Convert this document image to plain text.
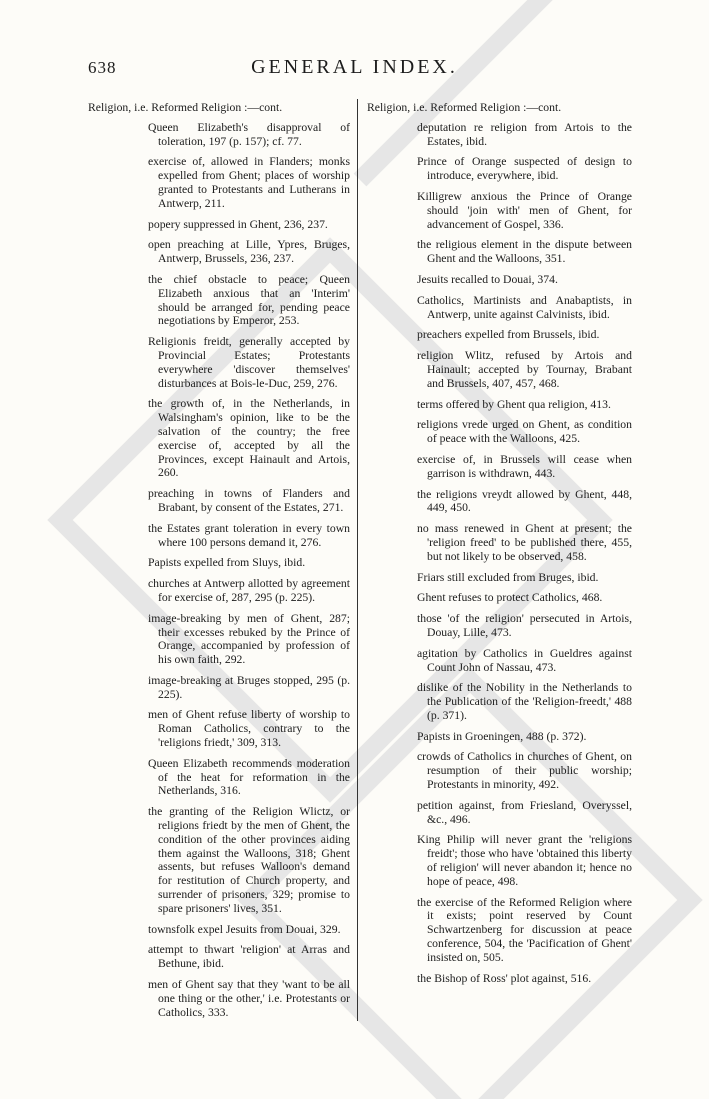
638	GENERAL INDEX.
Religion, i.e. Reformed Religion :—cont.
Queen Elizabeth's disapproval of toleration, 197 (p. 157); cf. 77.
exercise of, allowed in Flanders; monks expelled from Ghent; places of worship granted to Protestants and Lutherans in Antwerp, 211.
popery suppressed in Ghent, 236, 237.
open preaching at Lille, Ypres, Bruges, Antwerp, Brussels, 236, 237.
the chief obstacle to peace; Queen Elizabeth anxious that an 'Interim' should be arranged for, pending peace negotiations by Emperor, 253.
Religionis freidt, generally accepted by Provincial Estates; Protestants everywhere 'discover themselves' disturbances at Bois-le-Duc, 259, 276.
the growth of, in the Netherlands, in Walsingham's opinion, like to be the salvation of the country; the free exercise of, accepted by all the Provinces, except Hainault and Artois, 260.
preaching in towns of Flanders and Brabant, by consent of the Estates, 271.
the Estates grant toleration in every town where 100 persons demand it, 276.
Papists expelled from Sluys, ibid.
churches at Antwerp allotted by agreement for exercise of, 287, 295 (p. 225).
image-breaking by men of Ghent, 287; their excesses rebuked by the Prince of Orange, accompanied by profession of his own faith, 292.
image-breaking at Bruges stopped, 295 (p. 225).
men of Ghent refuse liberty of worship to Roman Catholics, contrary to the 'religions friedt,' 309, 313.
Queen Elizabeth recommends moderation of the heat for reformation in the Netherlands, 316.
the granting of the Religion Wlictz, or religions friedt by the men of Ghent, the condition of the other provinces aiding them against the Walloons, 318; Ghent assents, but refuses Walloon's demand for restitution of Church property, and surrender of prisoners, 329; promise to spare prisoners' lives, 351.
townsfolk expel Jesuits from Douai, 329.
attempt to thwart 'religion' at Arras and Bethune, ibid.
men of Ghent say that they 'want to be all one thing or the other,' i.e. Protestants or Catholics, 333.
Religion, i.e. Reformed Religion :—cont.
deputation re religion from Artois to the Estates, ibid.
Prince of Orange suspected of design to introduce, everywhere, ibid.
Killigrew anxious the Prince of Orange should 'join with' men of Ghent, for advancement of Gospel, 336.
the religious element in the dispute between Ghent and the Walloons, 351.
Jesuits recalled to Douai, 374.
Catholics, Martinists and Anabaptists, in Antwerp, unite against Calvinists, ibid.
preachers expelled from Brussels, ibid.
religion Wlitz, refused by Artois and Hainault; accepted by Tournay, Brabant and Brussels, 407, 457, 468.
terms offered by Ghent qua religion, 413.
religions vrede urged on Ghent, as condition of peace with the Walloons, 425.
exercise of, in Brussels will cease when garrison is withdrawn, 443.
the religions vreydt allowed by Ghent, 448, 449, 450.
no mass renewed in Ghent at present; the 'religion freed' to be published there, 455, but not likely to be observed, 458.
Friars still excluded from Bruges, ibid.
Ghent refuses to protect Catholics, 468.
those 'of the religion' persecuted in Artois, Douay, Lille, 473.
agitation by Catholics in Gueldres against Count John of Nassau, 473.
dislike of the Nobility in the Netherlands to the Publication of the 'Religion-freedt,' 488 (p. 371).
Papists in Groeningen, 488 (p. 372).
crowds of Catholics in churches of Ghent, on resumption of their public worship; Protestants in minority, 492.
petition against, from Friesland, Overyssel, &c., 496.
King Philip will never grant the 'religions freidt'; those who have 'obtained this liberty of religion' will never abandon it; hence no hope of peace, 498.
the exercise of the Reformed Religion where it exists; point reserved by Count Schwartzenberg for discussion at peace conference, 504, the 'Pacification of Ghent' insisted on, 505.
the Bishop of Ross' plot against, 516.
